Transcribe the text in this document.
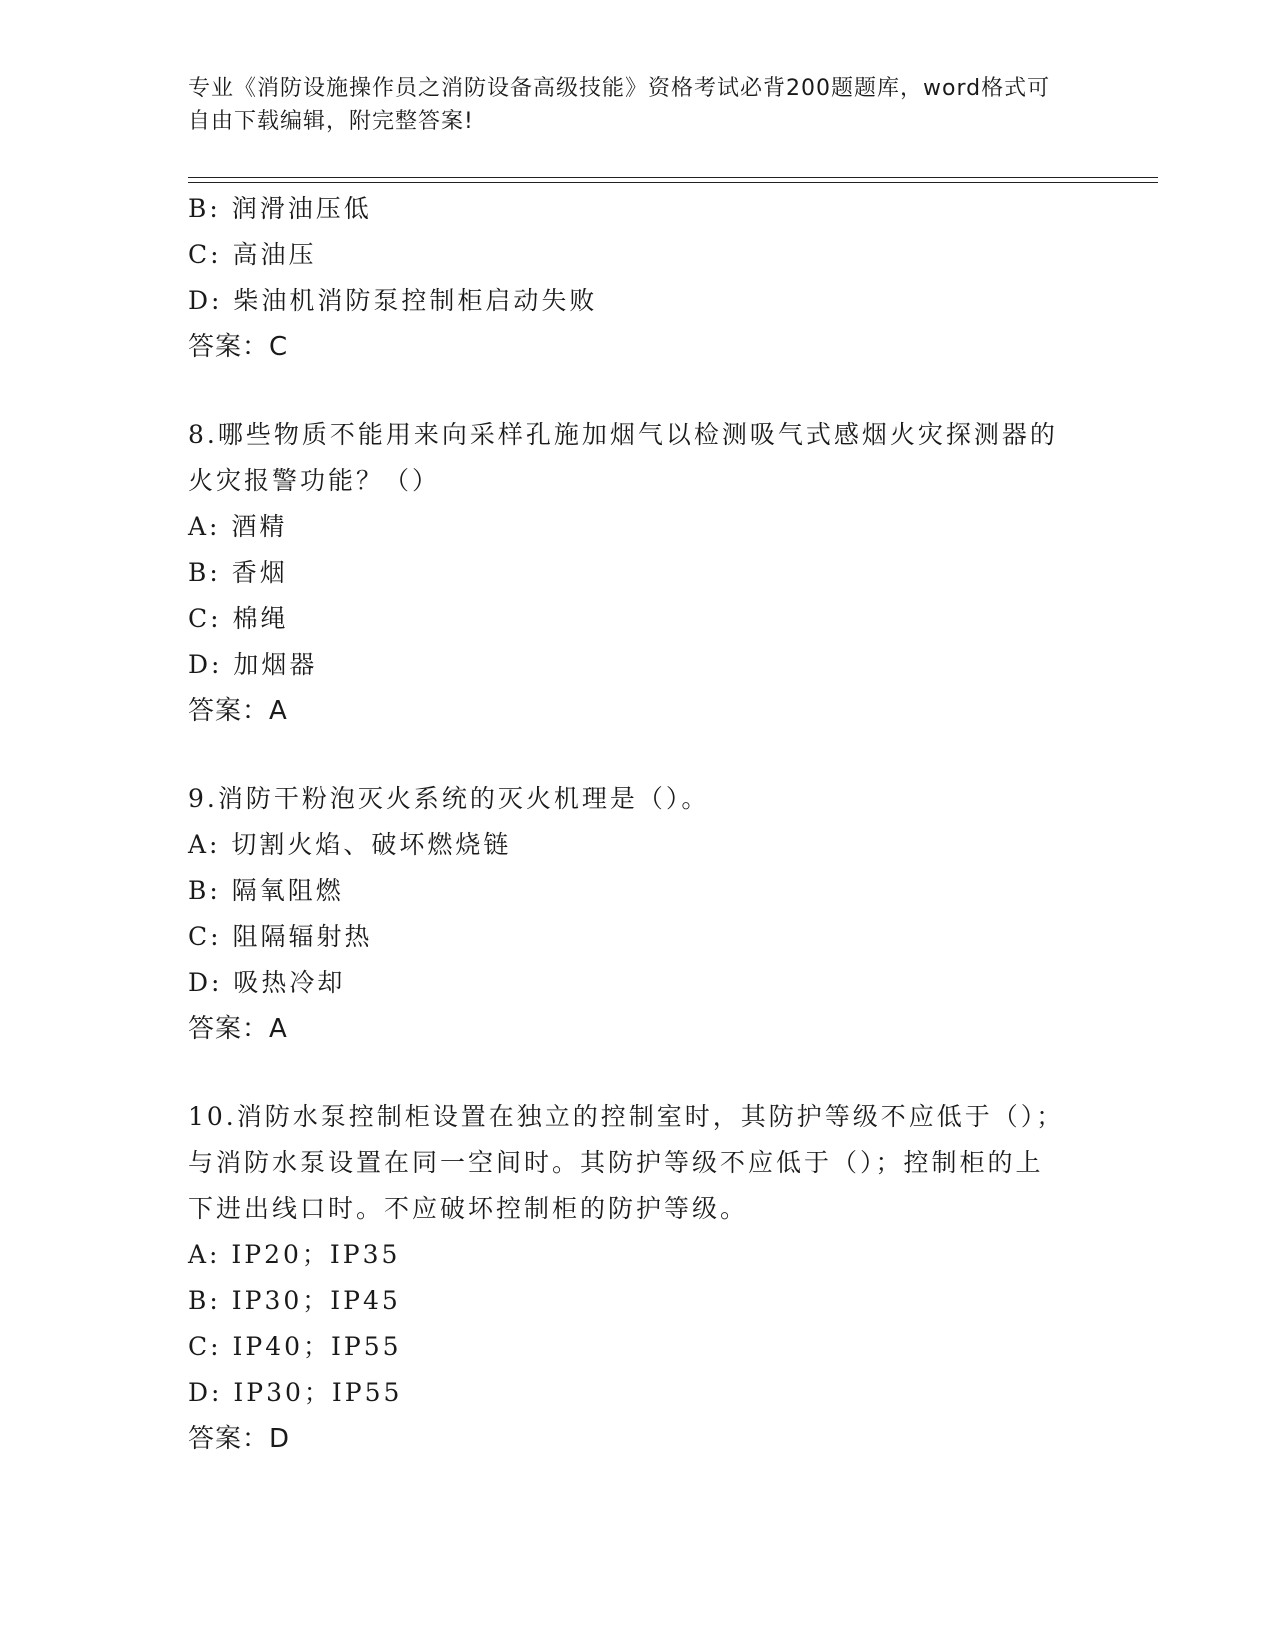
专业《消防设施操作员之消防设备高级技能》资格考试必背200题题库，word格式可自由下载编辑，附完整答案!
B: 润滑油压低
C: 高油压
D: 柴油机消防泵控制柜启动失败
答案：C
8.哪些物质不能用来向采样孔施加烟气以检测吸气式感烟火灾探测器的火灾报警功能？（）
A: 酒精
B: 香烟
C: 棉绳
D: 加烟器
答案：A
9.消防干粉泡灭火系统的灭火机理是（）。
A: 切割火焰、破坏燃烧链
B: 隔氧阻燃
C: 阻隔辐射热
D: 吸热冷却
答案：A
10.消防水泵控制柜设置在独立的控制室时，其防护等级不应低于（）；与消防水泵设置在同一空间时。其防护等级不应低于（）；控制柜的上下进出线口时。不应破坏控制柜的防护等级。
A: IP20；IP35
B: IP30；IP45
C: IP40；IP55
D: IP30；IP55
答案：D
